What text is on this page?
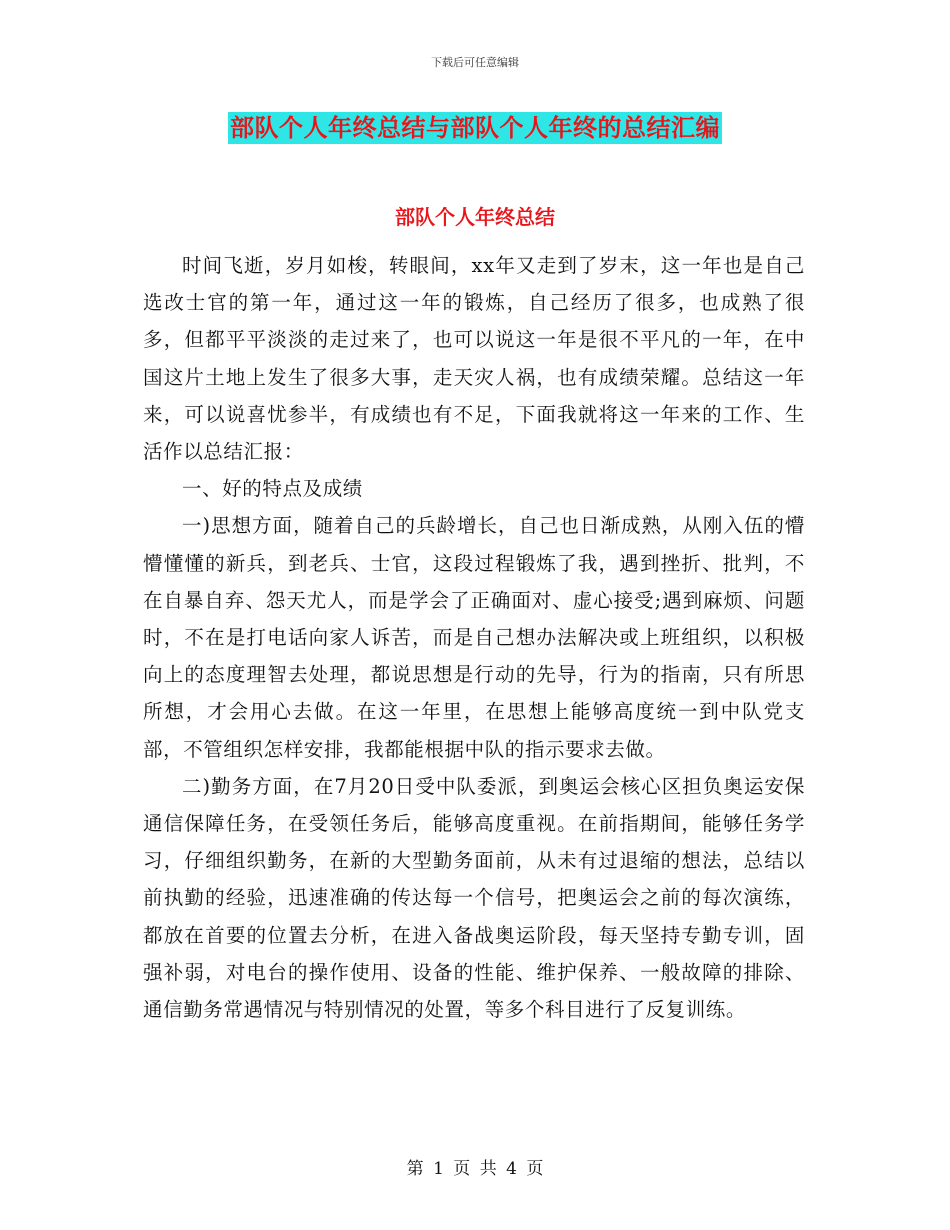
下载后可任意编辑
部队个人年终总结与部队个人年终的总结汇编
部队个人年终总结

时间飞逝，岁月如梭，转眼间，xx年又走到了岁末，这一年也是自己选改士官的第一年，通过这一年的锻炼，自己经历了很多，也成熟了很多，但都平平淡淡的走过来了，也可以说这一年是很不平凡的一年，在中国这片土地上发生了很多大事，走天灾人祸，也有成绩荣耀。总结这一年来，可以说喜忧参半，有成绩也有不足，下面我就将这一年来的工作、生活作以总结汇报：

一、好的特点及成绩

一)思想方面，随着自己的兵龄增长，自己也日渐成熟，从刚入伍的懵懵懂懂的新兵，到老兵、士官，这段过程锻炼了我，遇到挫折、批判，不在自暴自弃、怨天尤人，而是学会了正确面对、虚心接受;遇到麻烦、问题时，不在是打电话向家人诉苦，而是自己想办法解决或上班组织，以积极向上的态度理智去处理，都说思想是行动的先导，行为的指南，只有所思所想，才会用心去做。在这一年里，在思想上能够高度统一到中队党支部，不管组织怎样安排，我都能根据中队的指示要求去做。

二)勤务方面，在7月20日受中队委派，到奥运会核心区担负奥运安保通信保障任务，在受领任务后，能够高度重视。在前指期间，能够任务学习，仔细组织勤务，在新的大型勤务面前，从未有过退缩的想法，总结以前执勤的经验，迅速准确的传达每一个信号，把奥运会之前的每次演练，都放在首要的位置去分析，在进入备战奥运阶段，每天坚持专勤专训，固强补弱，对电台的操作使用、设备的性能、维护保养、一般故障的排除、通信勤务常遇情况与特别情况的处置，等多个科目进行了反复训练。

第 1 页 共 4 页
